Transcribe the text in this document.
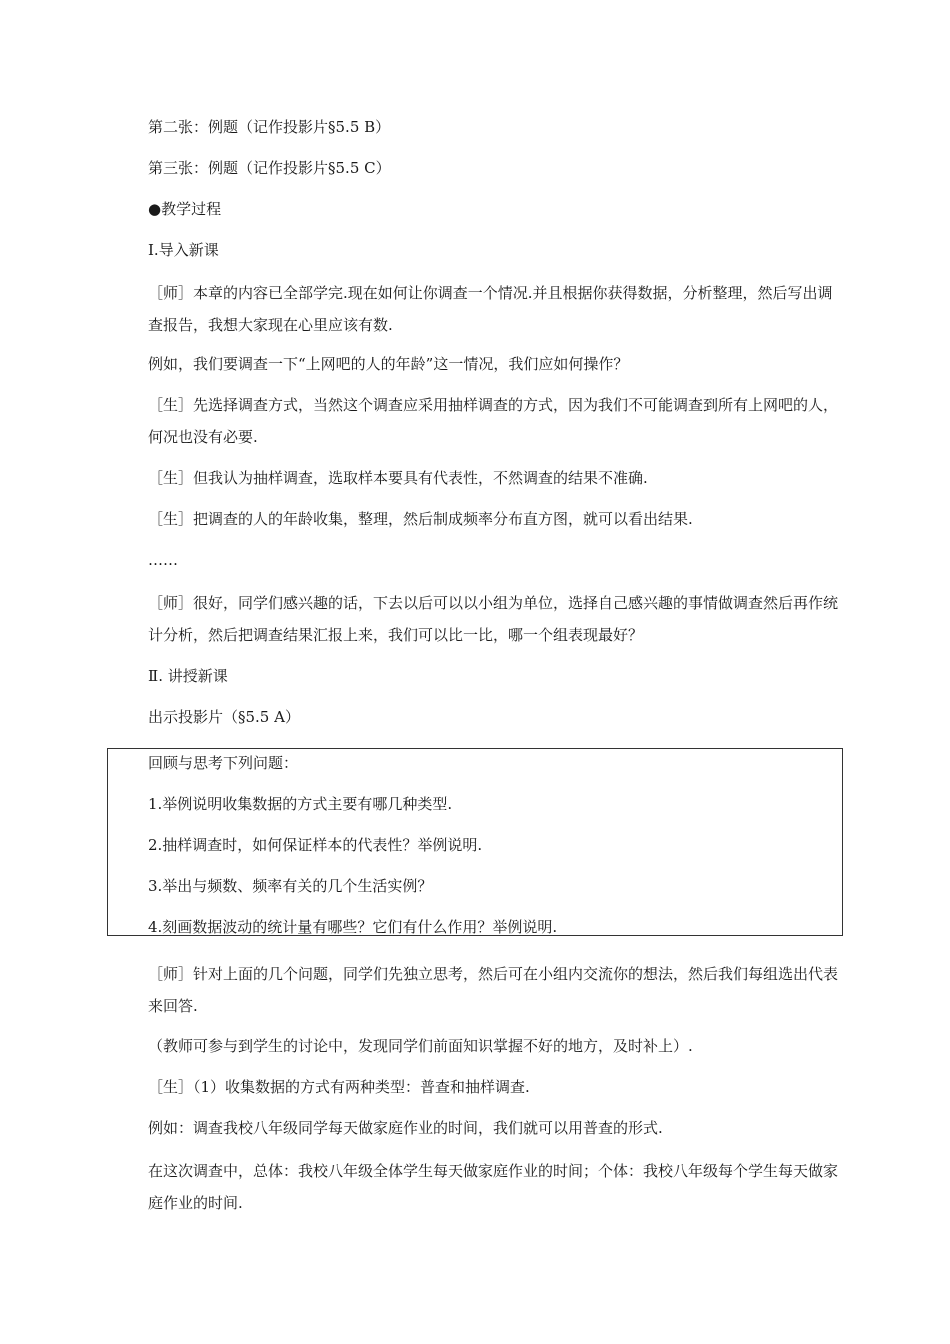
第二张：例题（记作投影片§5.5 B）

第三张：例题（记作投影片§5.5 C）

●教学过程

Ⅰ.导入新课

［师］本章的内容已全部学完.现在如何让你调查一个情况.并且根据你获得数据，分析整理，然后写出调查报告，我想大家现在心里应该有数.

例如，我们要调查一下“上网吧的人的年龄”这一情况，我们应如何操作？

［生］先选择调查方式，当然这个调查应采用抽样调查的方式，因为我们不可能调查到所有上网吧的人，何况也没有必要.

［生］但我认为抽样调查，选取样本要具有代表性，不然调查的结果不准确.

［生］把调查的人的年龄收集，整理，然后制成频率分布直方图，就可以看出结果.

……

［师］很好，同学们感兴趣的话，下去以后可以以小组为单位，选择自己感兴趣的事情做调查然后再作统计分析，然后把调查结果汇报上来，我们可以比一比，哪一个组表现最好？

Ⅱ. 讲授新课

出示投影片（§5.5 A）

回顾与思考下列问题：

1.举例说明收集数据的方式主要有哪几种类型.

2.抽样调查时，如何保证样本的代表性？举例说明.

3.举出与频数、频率有关的几个生活实例？

4.刻画数据波动的统计量有哪些？它们有什么作用？举例说明.

［师］针对上面的几个问题，同学们先独立思考，然后可在小组内交流你的想法，然后我们每组选出代表来回答.

（教师可参与到学生的讨论中，发现同学们前面知识掌握不好的地方，及时补上）.

［生］（1）收集数据的方式有两种类型：普查和抽样调查.

例如：调查我校八年级同学每天做家庭作业的时间，我们就可以用普查的形式.

在这次调查中，总体：我校八年级全体学生每天做家庭作业的时间；个体：我校八年级每个学生每天做家庭作业的时间.
